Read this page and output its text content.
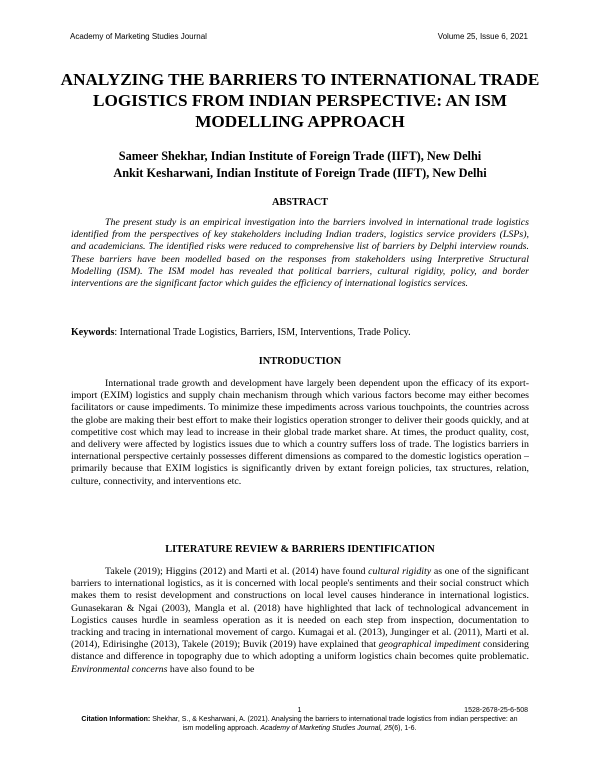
Academy of Marketing Studies Journal	Volume 25, Issue 6, 2021
ANALYZING THE BARRIERS TO INTERNATIONAL TRADE LOGISTICS FROM INDIAN PERSPECTIVE: AN ISM MODELLING APPROACH
Sameer Shekhar, Indian Institute of Foreign Trade (IIFT), New Delhi
Ankit Kesharwani, Indian Institute of Foreign Trade (IIFT), New Delhi
ABSTRACT
The present study is an empirical investigation into the barriers involved in international trade logistics identified from the perspectives of key stakeholders including Indian traders, logistics service providers (LSPs), and academicians. The identified risks were reduced to comprehensive list of barriers by Delphi interview rounds. These barriers have been modelled based on the responses from stakeholders using Interpretive Structural Modelling (ISM). The ISM model has revealed that political barriers, cultural rigidity, policy, and border interventions are the significant factor which guides the efficiency of international logistics services.
Keywords: International Trade Logistics, Barriers, ISM, Interventions, Trade Policy.
INTRODUCTION
International trade growth and development have largely been dependent upon the efficacy of its export-import (EXIM) logistics and supply chain mechanism through which various factors become may either becomes facilitators or cause impediments. To minimize these impediments across various touchpoints, the countries across the globe are making their best effort to make their logistics operation stronger to deliver their goods quickly, and at competitive cost which may lead to increase in their global trade market share. At times, the product quality, cost, and delivery were affected by logistics issues due to which a country suffers loss of trade. The logistics barriers in international perspective certainly possesses different dimensions as compared to the domestic logistics operation – primarily because that EXIM logistics is significantly driven by extant foreign policies, tax structures, relation, culture, connectivity, and interventions etc.
LITERATURE REVIEW & BARRIERS IDENTIFICATION
Takele (2019); Higgins (2012) and Marti et al. (2014) have found cultural rigidity as one of the significant barriers to international logistics, as it is concerned with local people's sentiments and their social construct which makes them to resist development and constructions on local level causes hinderance in international logistics. Gunasekaran & Ngai (2003), Mangla et al. (2018) have highlighted that lack of technological advancement in Logistics causes hurdle in seamless operation as it is needed on each step from inspection, documentation to tracking and tracing in international movement of cargo. Kumagai et al. (2013), Junginger et al. (2011), Marti et al. (2014), Edirisinghe (2013), Takele (2019); Buvik (2019) have explained that geographical impediment considering distance and difference in topography due to which adopting a uniform logistics chain becomes quite problematic. Environmental concerns have also found to be
1	1528-2678-25-6-508
Citation Information: Shekhar, S., & Kesharwani, A. (2021). Analysing the barriers to international trade logistics from indian perspective: an ism modelling approach. Academy of Marketing Studies Journal, 25(6), 1-6.
